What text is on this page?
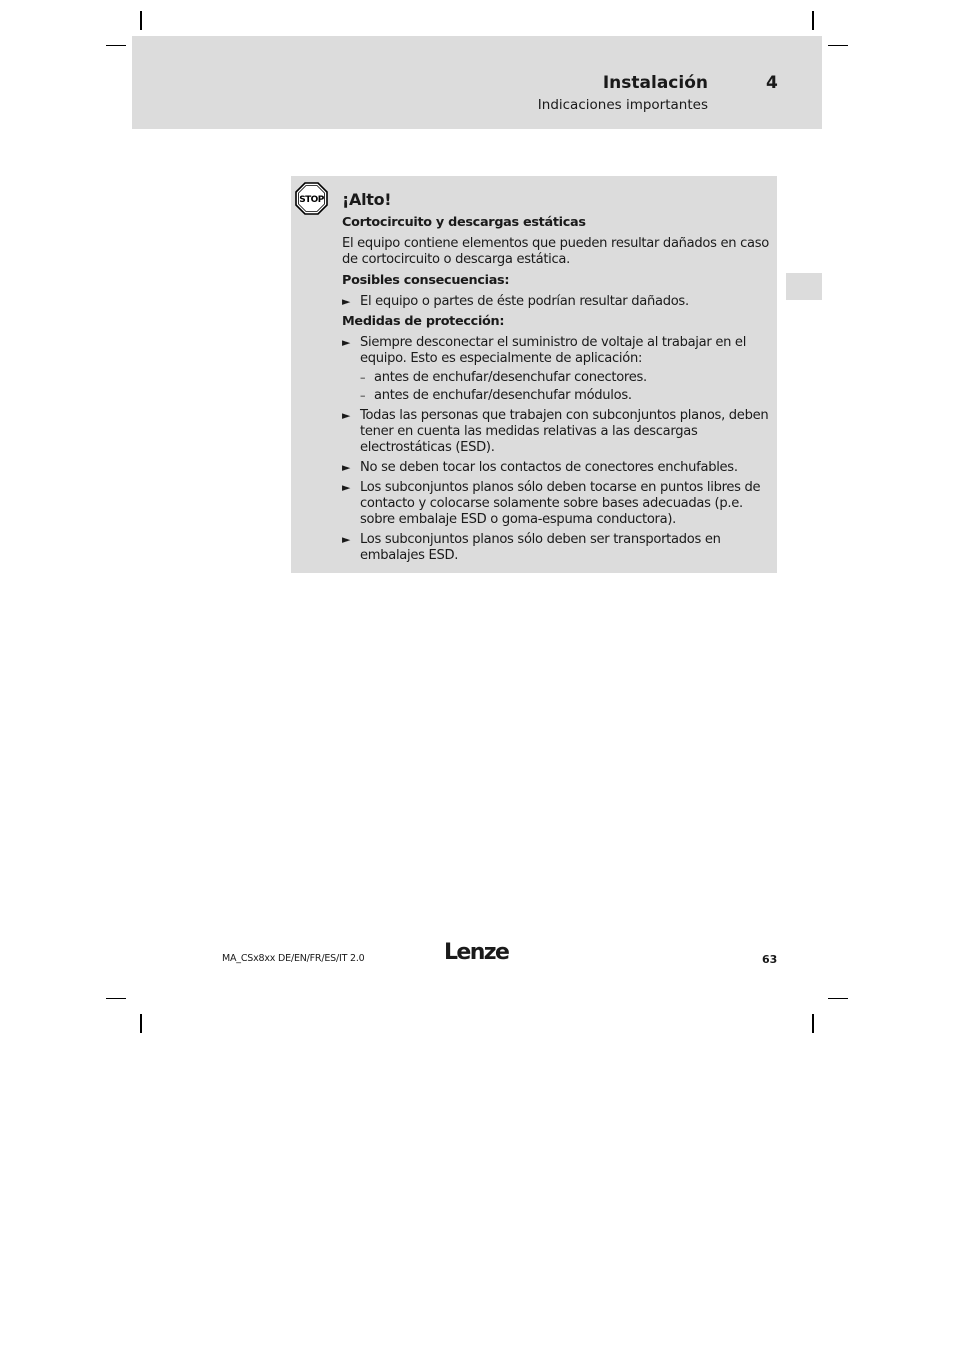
Instalación	4
Indicaciones importantes
STOP ¡Alto!
Cortocircuito y descargas estáticas
El equipo contiene elementos que pueden resultar dañados en caso de cortocircuito o descarga estática.
Posibles consecuencias:
► El equipo o partes de éste podrían resultar dañados.
Medidas de protección:
► Siempre desconectar el suministro de voltaje al trabajar en el equipo. Esto es especialmente de aplicación:
– antes de enchufar/desenchufar conectores.
– antes de enchufar/desenchufar módulos.
► Todas las personas que trabajen con subconjuntos planos, deben tener en cuenta las medidas relativas a las descargas electrostáticas (ESD).
► No se deben tocar los contactos de conectores enchufables.
► Los subconjuntos planos sólo deben tocarse en puntos libres de contacto y colocarse solamente sobre bases adecuadas (p.e. sobre embalaje ESD o goma-espuma conductora).
► Los subconjuntos planos sólo deben ser transportados en embalajes ESD.
MA_CSx8xx DE/EN/FR/ES/IT 2.0	Lenze	63
